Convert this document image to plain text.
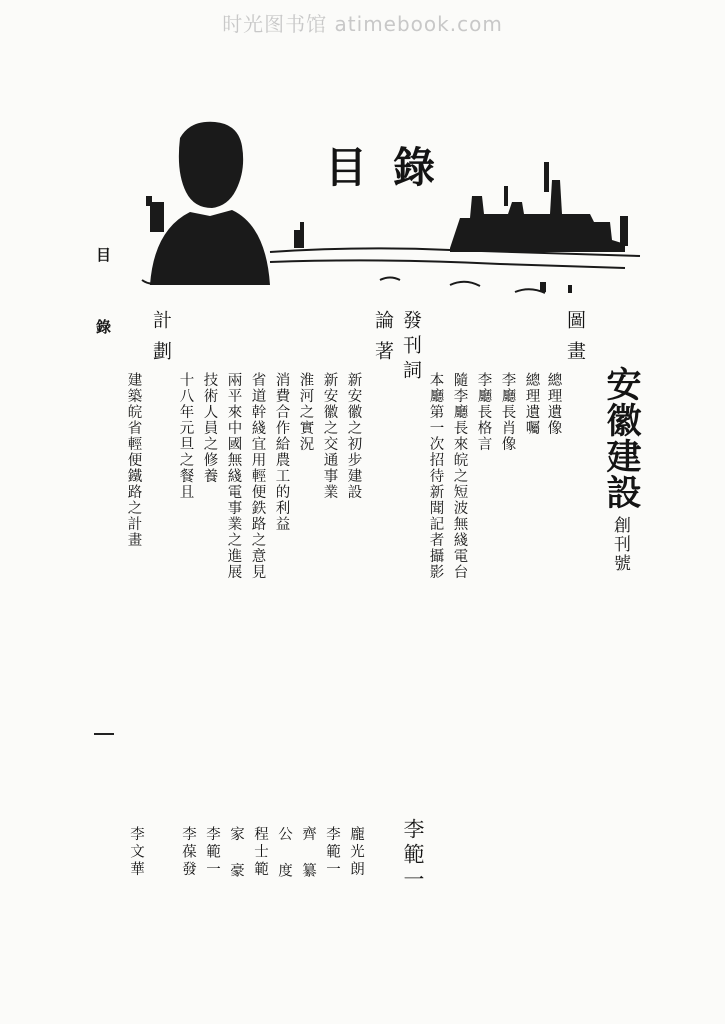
时光图书馆 atimebook.com
目錄
目
錄
安徽建設
創刊號
圖畫
總理遺像
總理遺囑
李廳長肖像
李廳長格言
隨李廳長來皖之短波無綫電台
本廳第一次招待新聞記者攝影
發刊詞
李範一
論著
新安徽之初步建設
龐光朗
新安徽之交通事業
李範一
淮河之實況
齊 纂
消費合作給農工的利益
公 度
省道幹綫宜用輕便鉄路之意見
程士範
兩平來中國無綫電事業之進展
家 豪
技術人員之修養
李範一
十八年元旦之餐且
李葆發
計劃
建築皖省輕便鐵路之計畫
李文華
